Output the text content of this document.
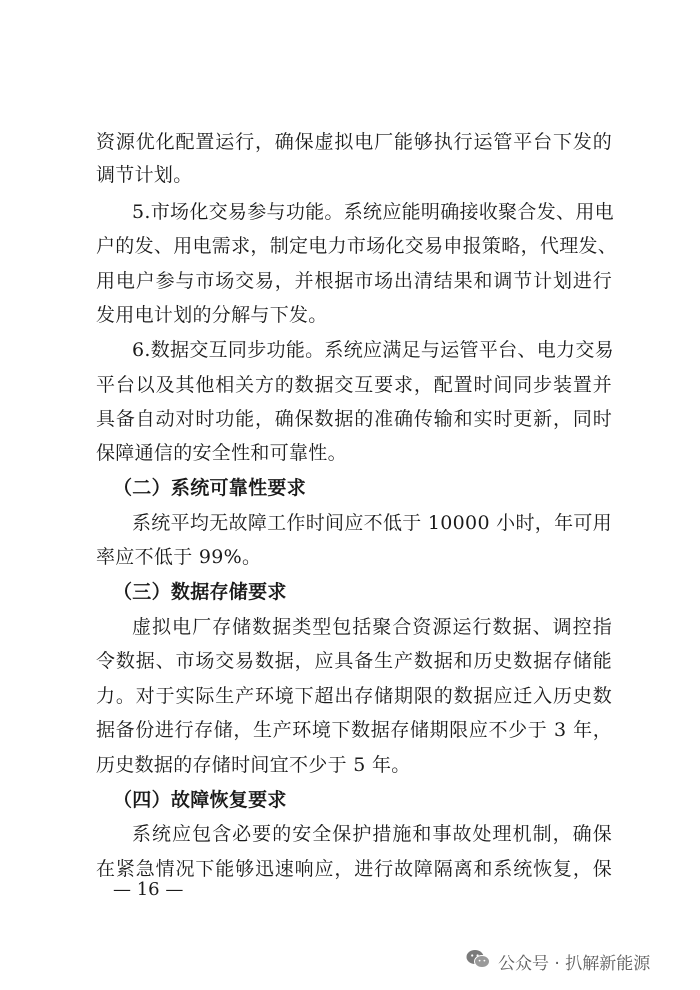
资源优化配置运行，确保虚拟电厂能够执行运管平台下发的
调节计划。
5.市场化交易参与功能。系统应能明确接收聚合发、用电
户的发、用电需求，制定电力市场化交易申报策略，代理发、
用电户参与市场交易，并根据市场出清结果和调节计划进行
发用电计划的分解与下发。
6.数据交互同步功能。系统应满足与运管平台、电力交易
平台以及其他相关方的数据交互要求，配置时间同步装置并
具备自动对时功能，确保数据的准确传输和实时更新，同时
保障通信的安全性和可靠性。
（二）系统可靠性要求
系统平均无故障工作时间应不低于 10000 小时，年可用
率应不低于 99%。
（三）数据存储要求
虚拟电厂存储数据类型包括聚合资源运行数据、调控指
令数据、市场交易数据，应具备生产数据和历史数据存储能
力。对于实际生产环境下超出存储期限的数据应迁入历史数
据备份进行存储，生产环境下数据存储期限应不少于 3 年，
历史数据的存储时间宜不少于 5 年。
（四）故障恢复要求
系统应包含必要的安全保护措施和事故处理机制，确保
在紧急情况下能够迅速响应，进行故障隔离和系统恢复，保
— 16 —
公众号 · 扒解新能源
